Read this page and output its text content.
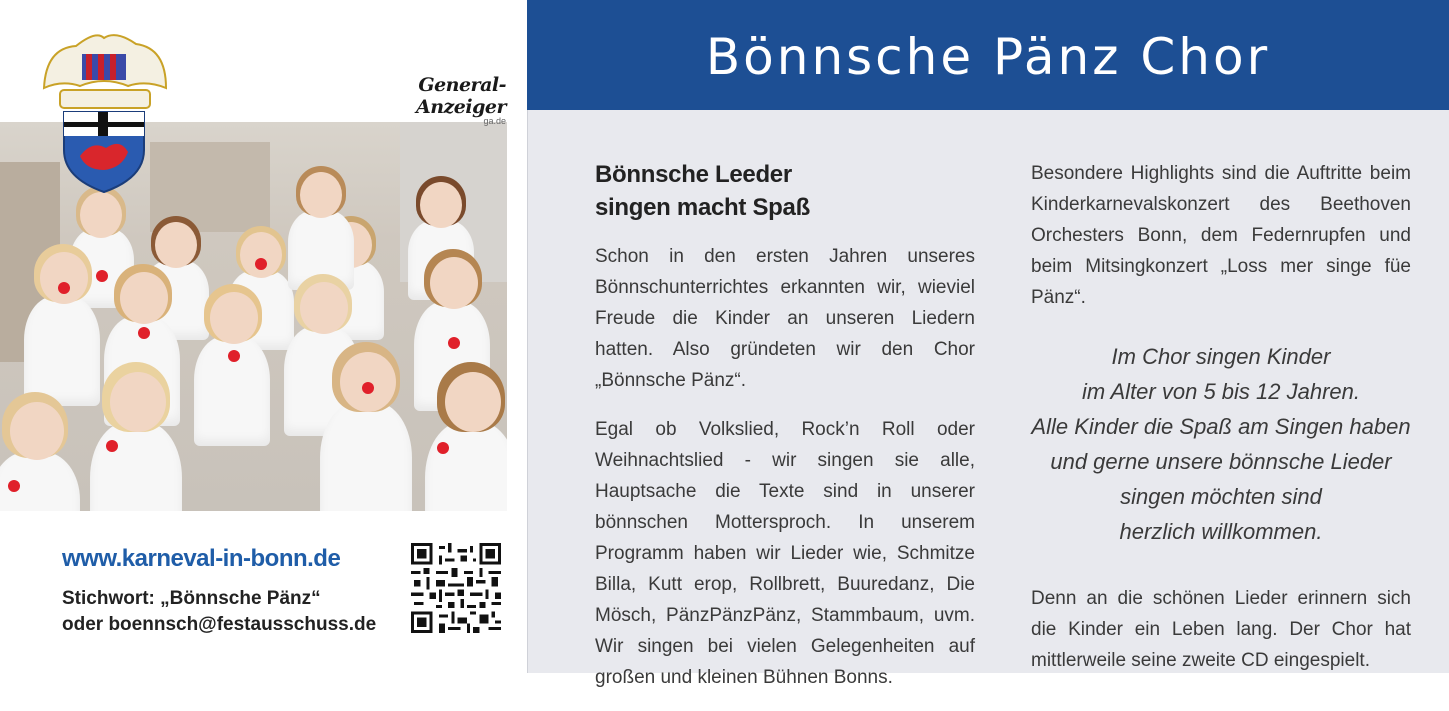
General-Anzeiger
ga.de
www.karneval-in-bonn.de
Stichwort: „Bönnsche Pänz“
oder boennsch@festausschuss.de
Bönnsche Pänz Chor
Bönnsche Leeder
singen macht Spaß

Schon in den ersten Jahren unseres Bönnschunterrichtes erkannten wir, wieviel Freude die Kinder an unseren Liedern hatten. Also gründeten wir den Chor „Bönnsche Pänz“.

Egal ob Volkslied, Rock’n Roll oder Weihnachtslied - wir singen sie alle, Hauptsache die Texte sind in unserer bönnschen Mottersproch. In unserem Programm haben wir Lieder wie, Schmitze Billa, Kutt erop, Rollbrett, Buuredanz, Die Mösch, PänzPänzPänz, Stammbaum, uvm. Wir singen bei vielen Gelegenheiten auf großen und kleinen Bühnen Bonns.

Besondere Highlights sind die Auftritte beim Kinderkarnevalskonzert des Beethoven Orchesters Bonn, dem Federnrupfen und beim Mitsingkonzert „Loss mer singe füe Pänz“.

Im Chor singen Kinder
im Alter von 5 bis 12 Jahren.
Alle Kinder die Spaß am Singen haben
und gerne unsere bönnsche Lieder
singen möchten sind
herzlich willkommen.

Denn an die schönen Lieder erinnern sich die Kinder ein Leben lang. Der Chor hat mittlerweile seine zweite CD eingespielt.
